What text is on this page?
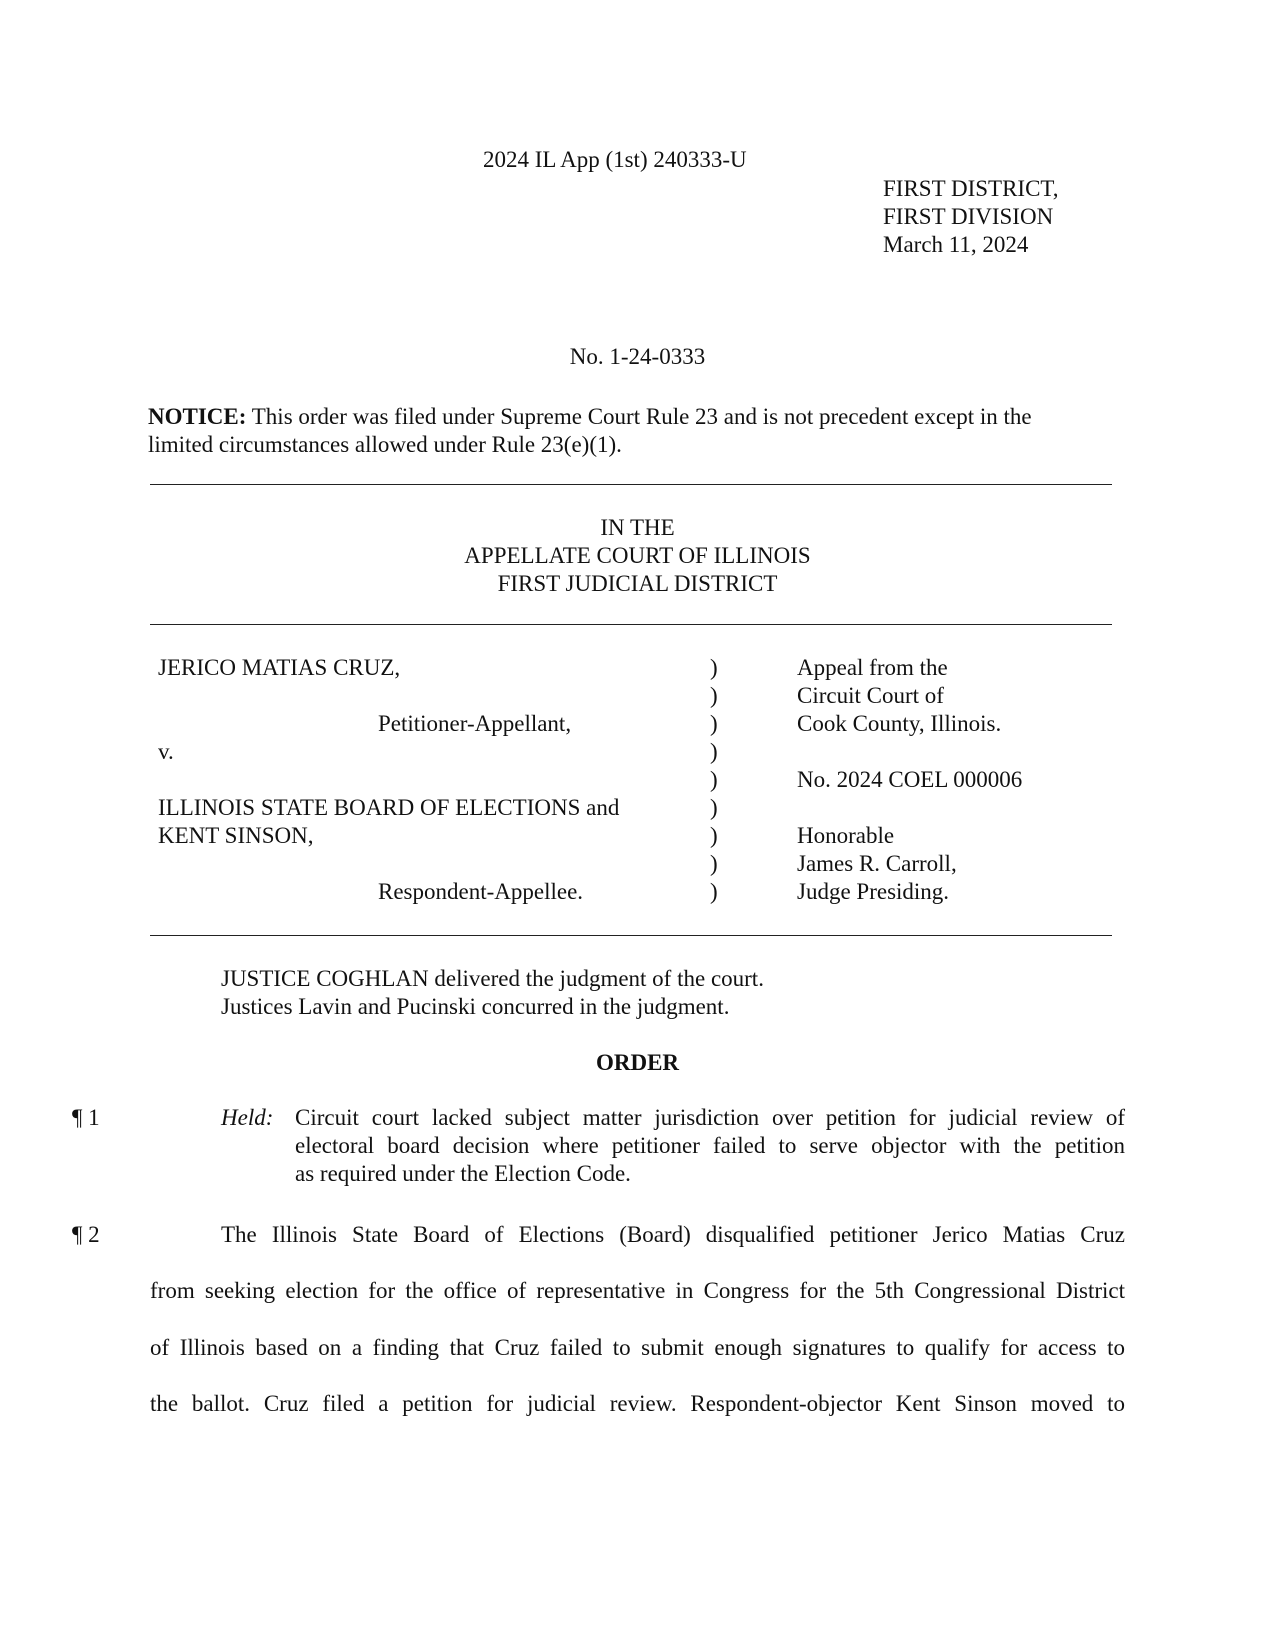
2024 IL App (1st) 240333-U
FIRST DISTRICT,
FIRST DIVISION
March 11, 2024
No. 1-24-0333
NOTICE: This order was filed under Supreme Court Rule 23 and is not precedent except in the
limited circumstances allowed under Rule 23(e)(1).
IN THE
APPELLATE COURT OF ILLINOIS
FIRST JUDICIAL DISTRICT
JERICO MATIAS CRUZ,
Petitioner-Appellant,
v.
ILLINOIS STATE BOARD OF ELECTIONS and
KENT SINSON,
Respondent-Appellee.
)
)
)
)
)
)
)
)
)
Appeal from the
Circuit Court of
Cook County, Illinois.
No. 2024 COEL 000006
Honorable
James R. Carroll,
Judge Presiding.
JUSTICE COGHLAN delivered the judgment of the court.
Justices Lavin and Pucinski concurred in the judgment.
ORDER
¶ 1	Held: Circuit court lacked subject matter jurisdiction over petition for judicial review of
electoral board decision where petitioner failed to serve objector with the petition
as required under the Election Code.
¶ 2	The Illinois State Board of Elections (Board) disqualified petitioner Jerico Matias Cruz
from seeking election for the office of representative in Congress for the 5th Congressional District
of Illinois based on a finding that Cruz failed to submit enough signatures to qualify for access to
the ballot. Cruz filed a petition for judicial review. Respondent-objector Kent Sinson moved to
